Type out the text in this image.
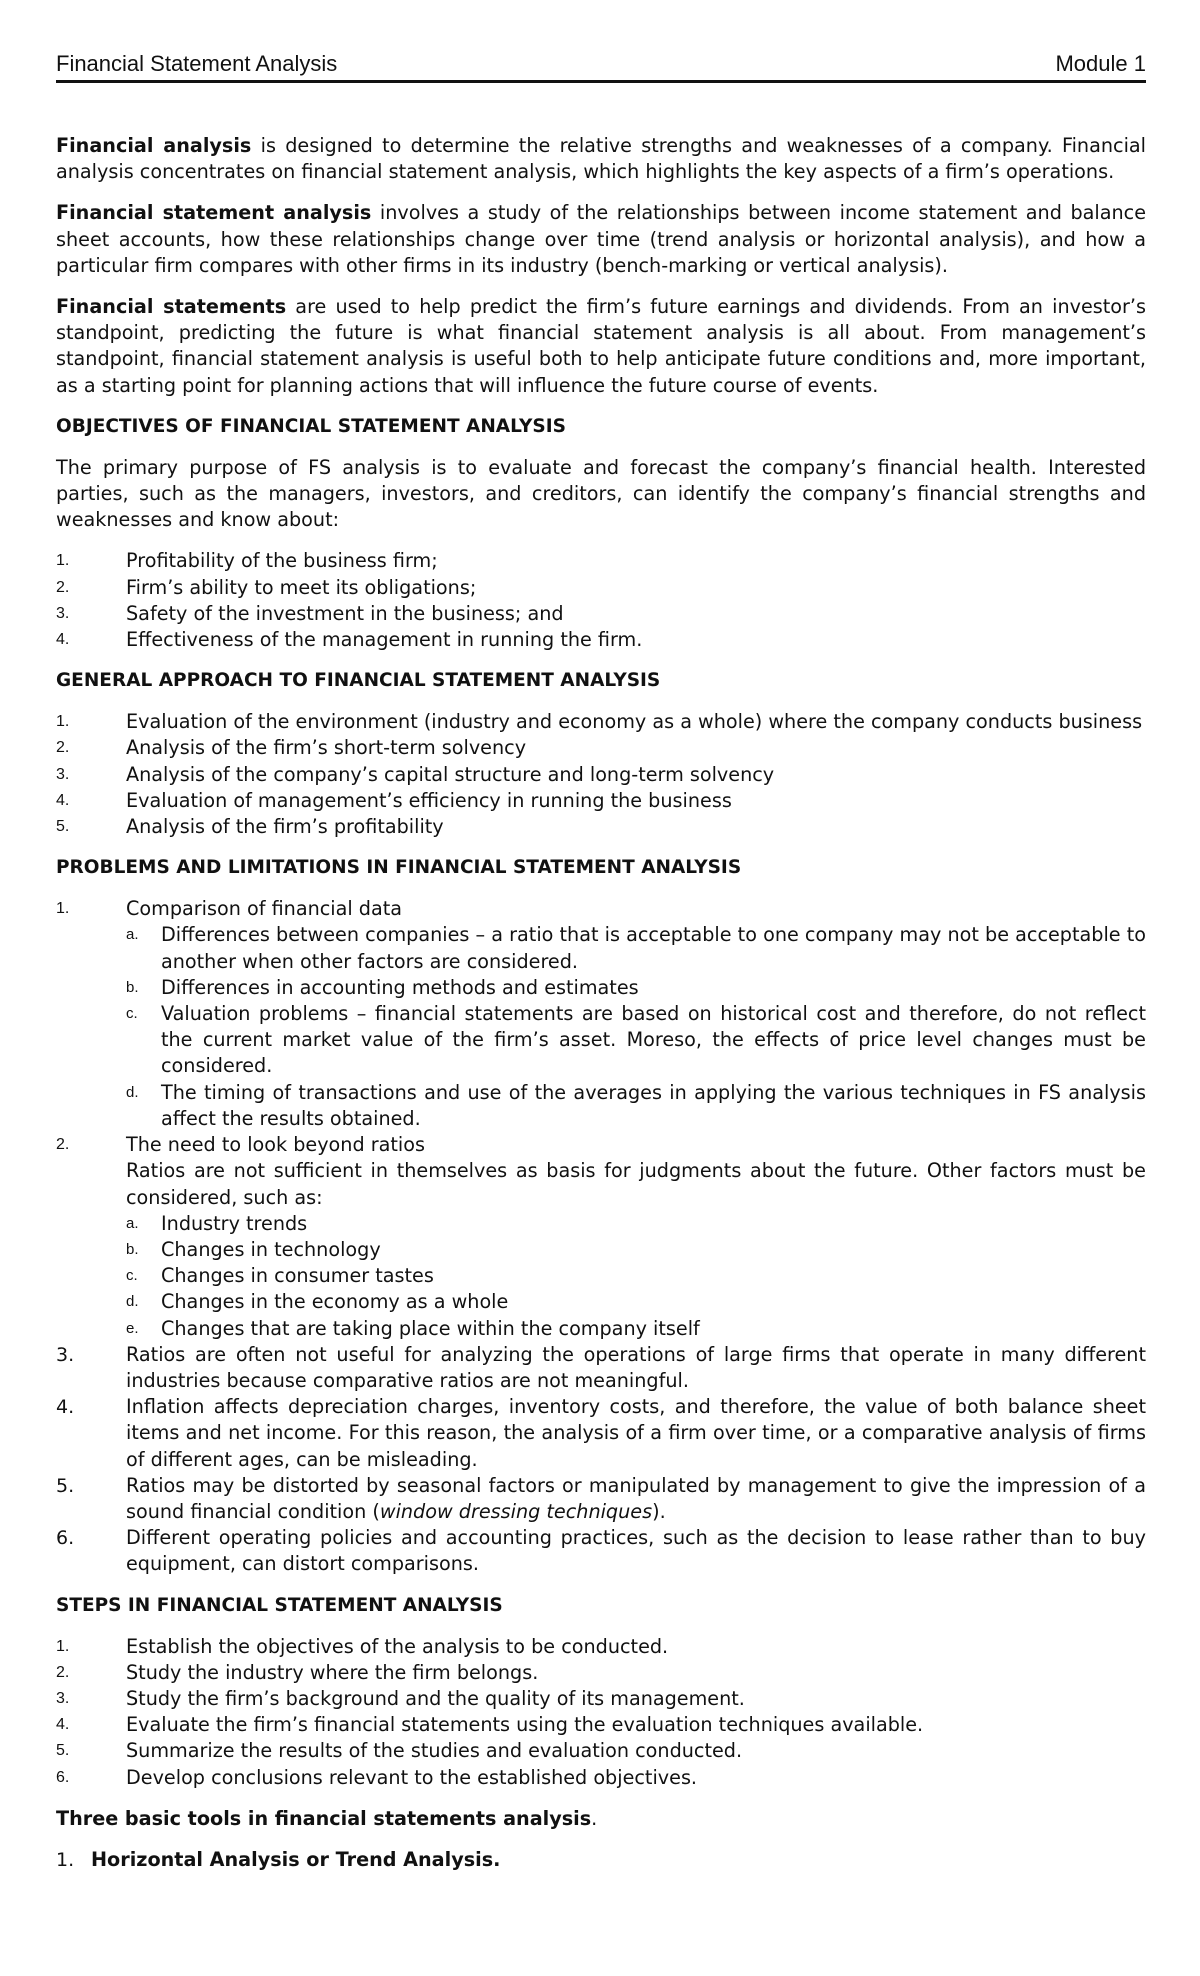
Financial Statement Analysis	Module 1

Financial analysis is designed to determine the relative strengths and weaknesses of a company. Financial analysis concentrates on financial statement analysis, which highlights the key aspects of a firm’s operations.

Financial statement analysis involves a study of the relationships between income statement and balance sheet accounts, how these relationships change over time (trend analysis or horizontal analysis), and how a particular firm compares with other firms in its industry (bench-marking or vertical analysis).

Financial statements are used to help predict the firm’s future earnings and dividends. From an investor’s standpoint, predicting the future is what financial statement analysis is all about. From management’s standpoint, financial statement analysis is useful both to help anticipate future conditions and, more important, as a starting point for planning actions that will influence the future course of events.

OBJECTIVES OF FINANCIAL STATEMENT ANALYSIS

The primary purpose of FS analysis is to evaluate and forecast the company’s financial health. Interested parties, such as the managers, investors, and creditors, can identify the company’s financial strengths and weaknesses and know about:

1.	Profitability of the business firm;
2.	Firm’s ability to meet its obligations;
3.	Safety of the investment in the business; and
4.	Effectiveness of the management in running the firm.
GENERAL APPROACH TO FINANCIAL STATEMENT ANALYSIS
1.	Evaluation of the environment (industry and economy as a whole) where the company conducts business
2.	Analysis of the firm’s short-term solvency
3.	Analysis of the company’s capital structure and long-term solvency
4.	Evaluation of management’s efficiency in running the business
5.	Analysis of the firm’s profitability
PROBLEMS AND LIMITATIONS IN FINANCIAL STATEMENT ANALYSIS
1.	Comparison of financial data
a.	Differences between companies – a ratio that is acceptable to one company may not be acceptable to another when other factors are considered.
b.	Differences in accounting methods and estimates
c.	Valuation problems – financial statements are based on historical cost and therefore, do not reflect the current market value of the firm’s asset. Moreso, the effects of price level changes must be considered.
d.	The timing of transactions and use of the averages in applying the various techniques in FS analysis affect the results obtained.
2.	The need to look beyond ratios
Ratios are not sufficient in themselves as basis for judgments about the future. Other factors must be considered, such as:
a.	Industry trends
b.	Changes in technology
c.	Changes in consumer tastes
d.	Changes in the economy as a whole
e.	Changes that are taking place within the company itself
3.	Ratios are often not useful for analyzing the operations of large firms that operate in many different industries because comparative ratios are not meaningful.
4.	Inflation affects depreciation charges, inventory costs, and therefore, the value of both balance sheet items and net income. For this reason, the analysis of a firm over time, or a comparative analysis of firms of different ages, can be misleading.
5.	Ratios may be distorted by seasonal factors or manipulated by management to give the impression of a sound financial condition (window dressing techniques).
6.	Different operating policies and accounting practices, such as the decision to lease rather than to buy equipment, can distort comparisons.
STEPS IN FINANCIAL STATEMENT ANALYSIS
1.	Establish the objectives of the analysis to be conducted.
2.	Study the industry where the firm belongs.
3.	Study the firm’s background and the quality of its management.
4.	Evaluate the firm’s financial statements using the evaluation techniques available.
5.	Summarize the results of the studies and evaluation conducted.
6.	Develop conclusions relevant to the established objectives.

Three basic tools in financial statements analysis.

1. Horizontal Analysis or Trend Analysis.
